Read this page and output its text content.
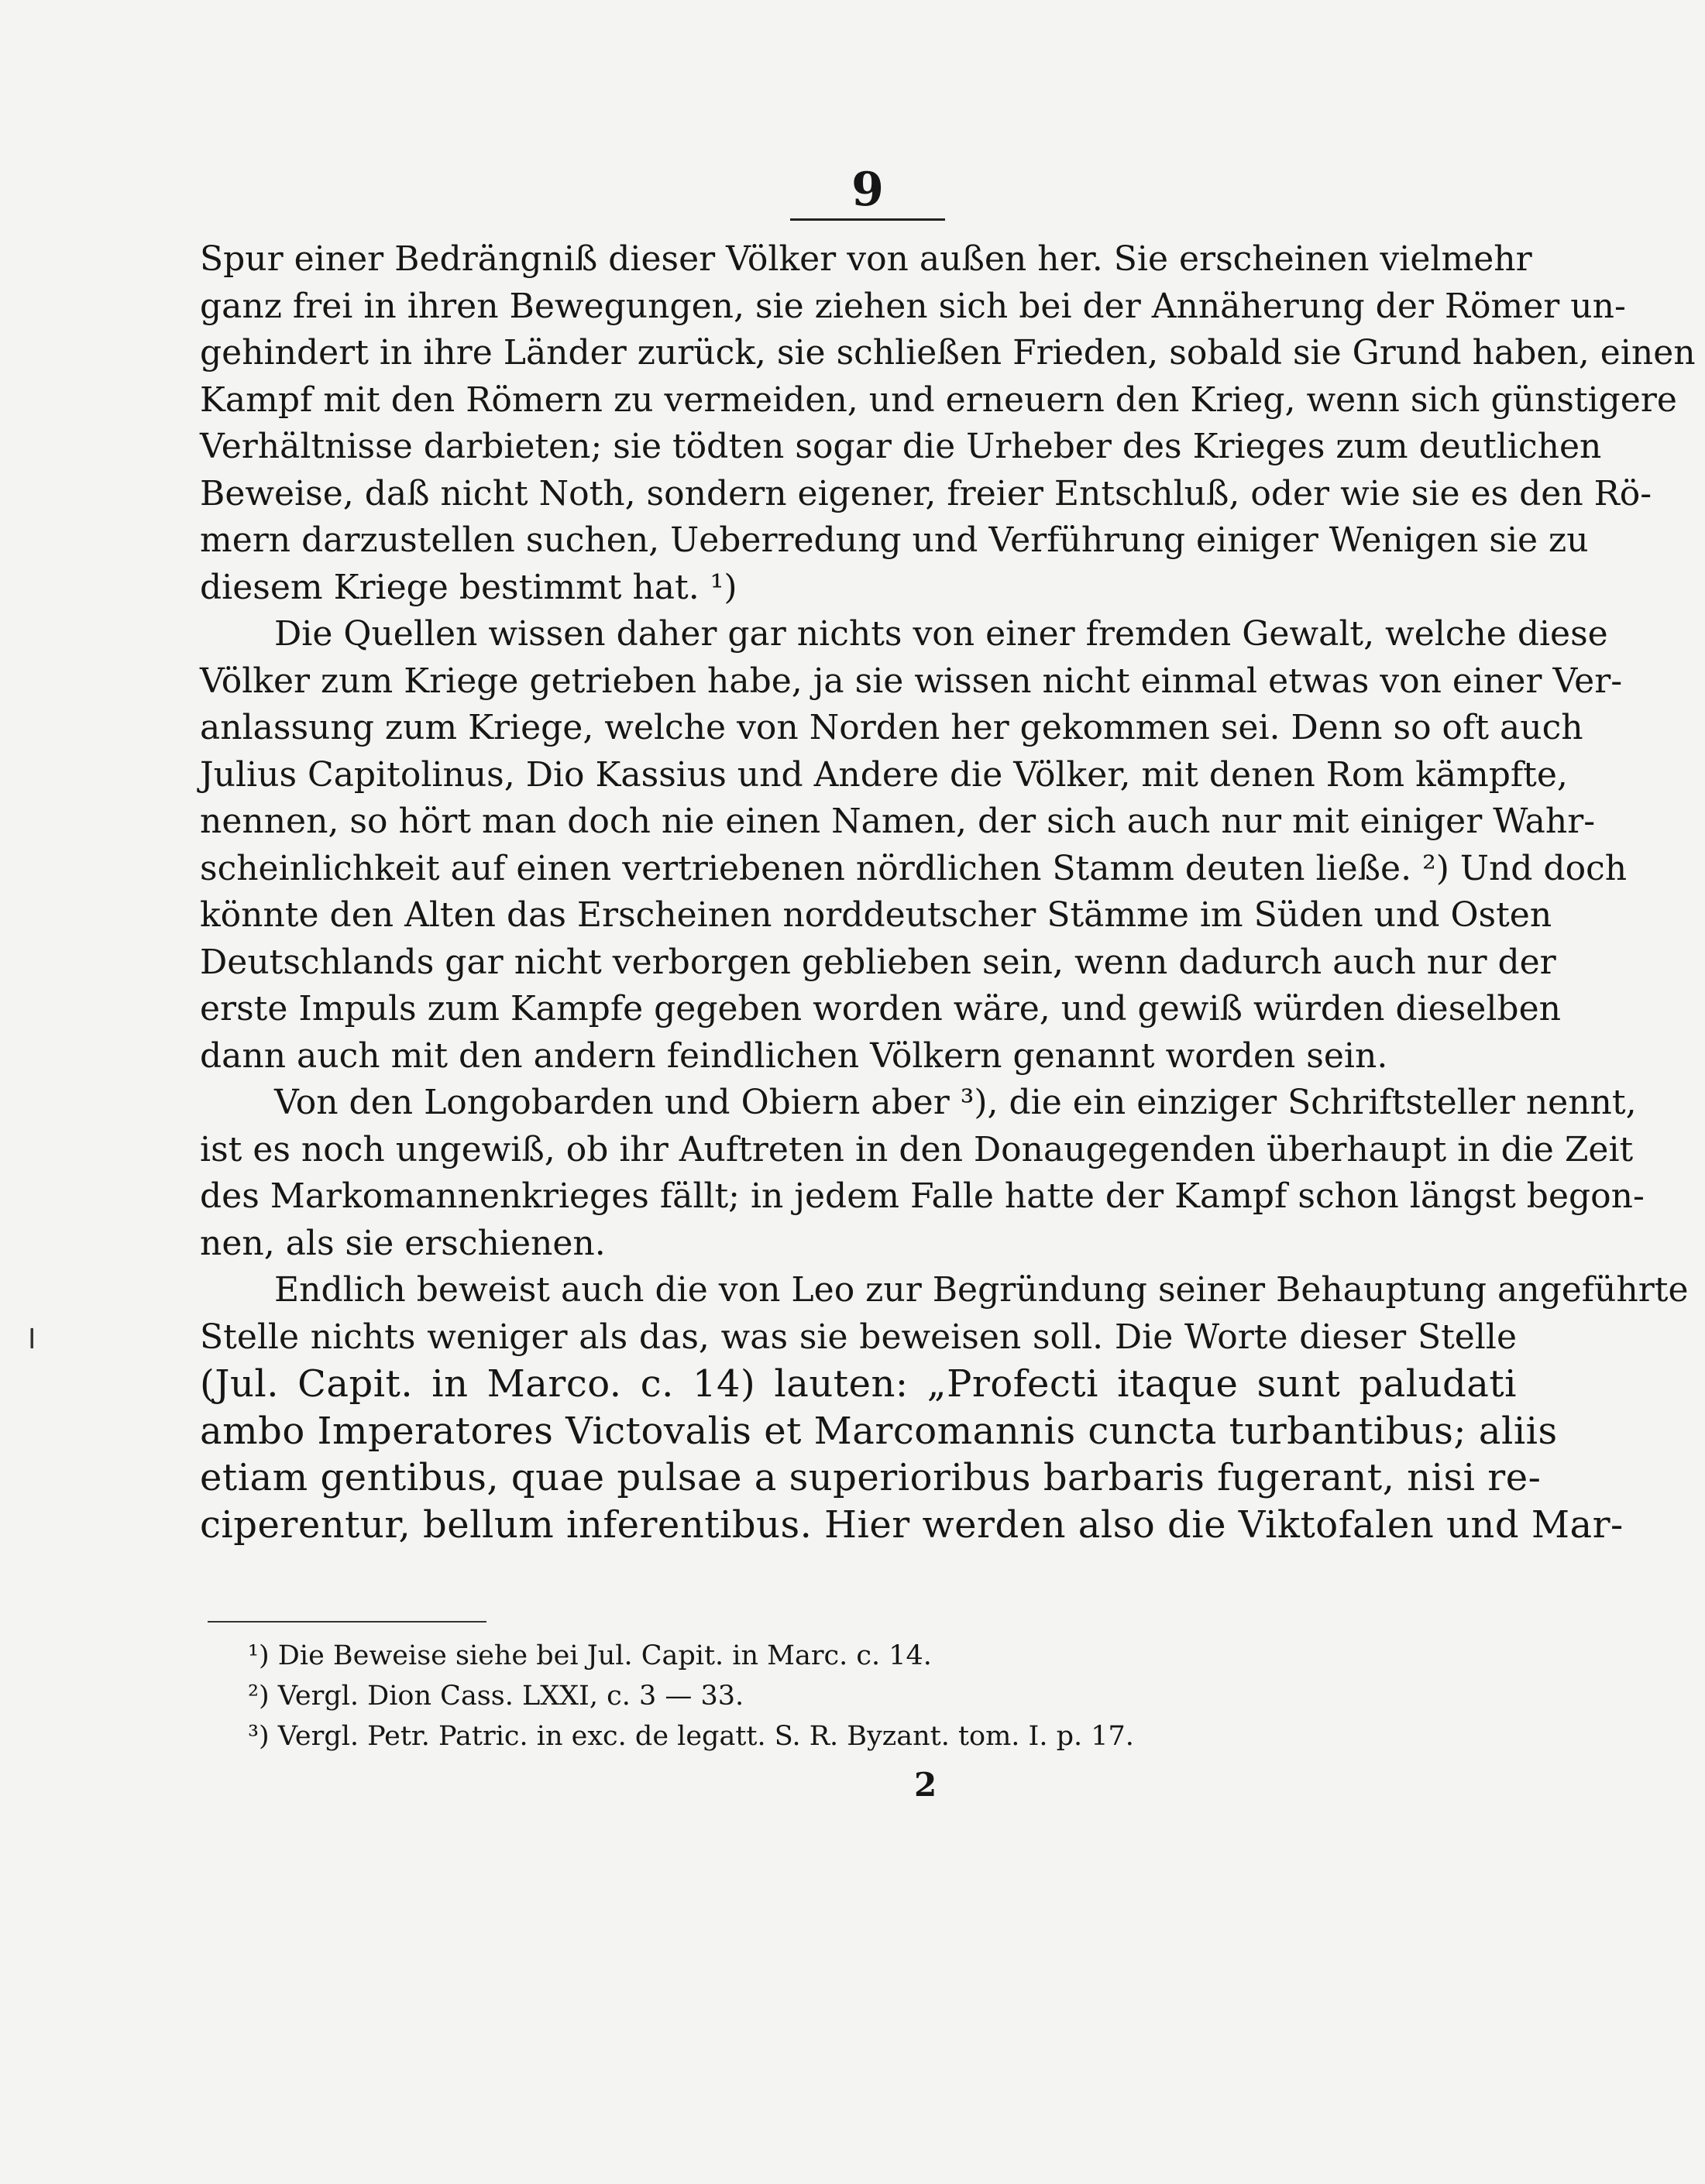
9
Spur einer Bedrängniß dieser Völker von außen her. Sie erscheinen vielmehr
ganz frei in ihren Bewegungen, sie ziehen sich bei der Annäherung der Römer un-
gehindert in ihre Länder zurück, sie schließen Frieden, sobald sie Grund haben, einen
Kampf mit den Römern zu vermeiden, und erneuern den Krieg, wenn sich günstigere
Verhältnisse darbieten; sie tödten sogar die Urheber des Krieges zum deutlichen
Beweise, daß nicht Noth, sondern eigener, freier Entschluß, oder wie sie es den Rö-
mern darzustellen suchen, Ueberredung und Verführung einiger Wenigen sie zu
diesem Kriege bestimmt hat. ¹)
Die Quellen wissen daher gar nichts von einer fremden Gewalt, welche diese
Völker zum Kriege getrieben habe, ja sie wissen nicht einmal etwas von einer Ver-
anlassung zum Kriege, welche von Norden her gekommen sei. Denn so oft auch
Julius Capitolinus, Dio Kassius und Andere die Völker, mit denen Rom kämpfte,
nennen, so hört man doch nie einen Namen, der sich auch nur mit einiger Wahr-
scheinlichkeit auf einen vertriebenen nördlichen Stamm deuten ließe. ²) Und doch
könnte den Alten das Erscheinen norddeutscher Stämme im Süden und Osten
Deutschlands gar nicht verborgen geblieben sein, wenn dadurch auch nur der
erste Impuls zum Kampfe gegeben worden wäre, und gewiß würden dieselben
dann auch mit den andern feindlichen Völkern genannt worden sein.
Von den Longobarden und Obiern aber ³), die ein einziger Schriftsteller nennt,
ist es noch ungewiß, ob ihr Auftreten in den Donaugegenden überhaupt in die Zeit
des Markomannenkrieges fällt; in jedem Falle hatte der Kampf schon längst begon-
nen, als sie erschienen.
Endlich beweist auch die von Leo zur Begründung seiner Behauptung angeführte
Stelle nichts weniger als das, was sie beweisen soll. Die Worte dieser Stelle
(Jul. Capit. in Marco. c. 14) lauten: „Profecti itaque sunt paludati
ambo Imperatores Victovalis et Marcomannis cuncta turbantibus; aliis
etiam gentibus, quae pulsae a superioribus barbaris fugerant, nisi re-
ciperentur, bellum inferentibus. Hier werden also die Viktofalen und Mar-
¹) Die Beweise siehe bei Jul. Capit. in Marc. c. 14.
²) Vergl. Dion Cass. LXXI, c. 3 — 33.
³) Vergl. Petr. Patric. in exc. de legatt. S. R. Byzant. tom. I. p. 17.
2
╷
